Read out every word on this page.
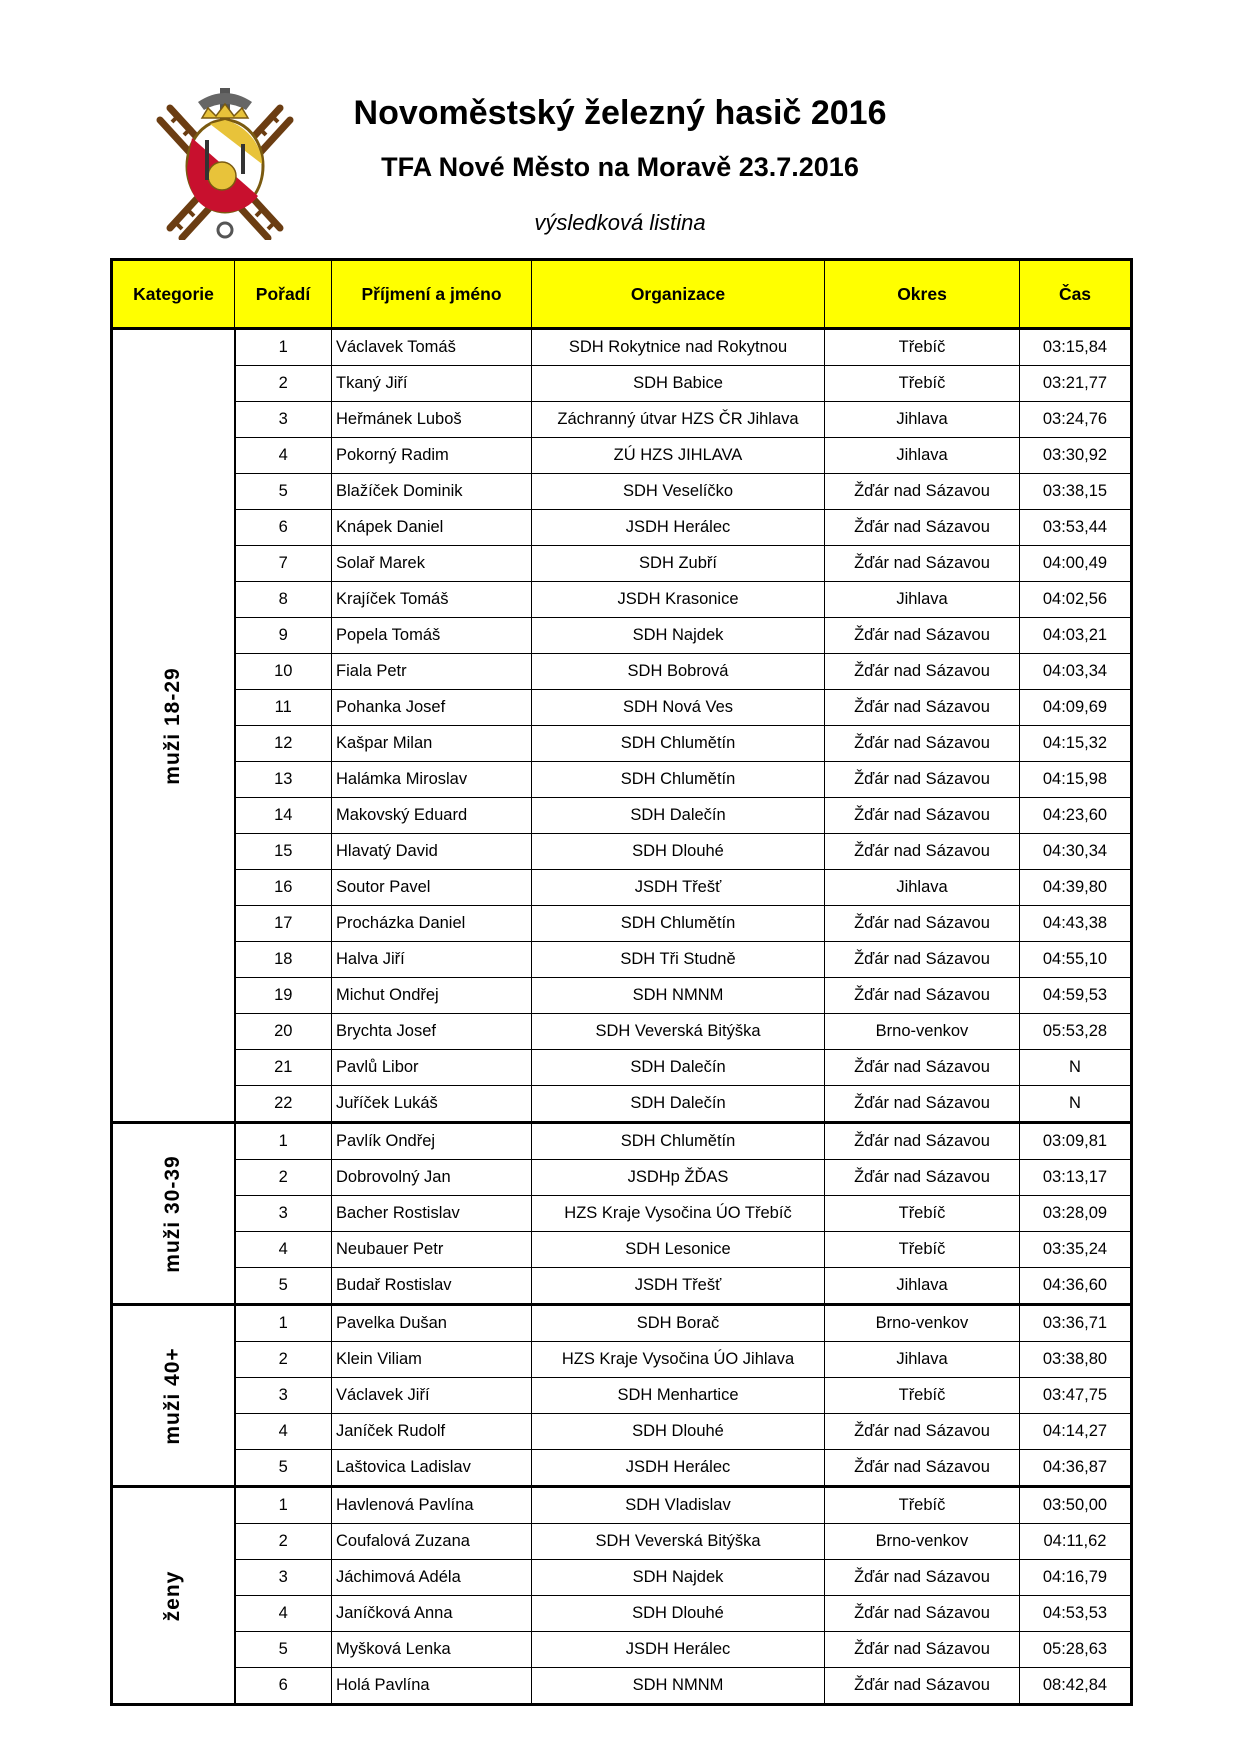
Novoměstský železný hasič 2016
TFA Nové Město na Moravě 23.7.2016
výsledková listina
Kategorie	Pořadí	Příjmení a jméno	Organizace	Okres	Čas

muži 18-29	1	Václavek Tomáš	SDH Rokytnice nad Rokytnou	Třebíč	03:15,84
	2	Tkaný Jiří	SDH Babice	Třebíč	03:21,77
	3	Heřmánek Luboš	Záchranný útvar HZS ČR Jihlava	Jihlava	03:24,76
	4	Pokorný Radim	ZÚ HZS JIHLAVA	Jihlava	03:30,92
	5	Blažíček Dominik	SDH Veselíčko	Žďár nad Sázavou	03:38,15
	6	Knápek Daniel	JSDH Herálec	Žďár nad Sázavou	03:53,44
	7	Solař Marek	SDH Zubří	Žďár nad Sázavou	04:00,49
	8	Krajíček Tomáš	JSDH Krasonice	Jihlava	04:02,56
	9	Popela Tomáš	SDH Najdek	Žďár nad Sázavou	04:03,21
	10	Fiala Petr	SDH Bobrová	Žďár nad Sázavou	04:03,34
	11	Pohanka Josef	SDH Nová Ves	Žďár nad Sázavou	04:09,69
	12	Kašpar Milan	SDH Chlumětín	Žďár nad Sázavou	04:15,32
	13	Halámka Miroslav	SDH Chlumětín	Žďár nad Sázavou	04:15,98
	14	Makovský Eduard	SDH Dalečín	Žďár nad Sázavou	04:23,60
	15	Hlavatý David	SDH Dlouhé	Žďár nad Sázavou	04:30,34
	16	Soutor Pavel	JSDH Třešť	Jihlava	04:39,80
	17	Procházka Daniel	SDH Chlumětín	Žďár nad Sázavou	04:43,38
	18	Halva Jiří	SDH Tři Studně	Žďár nad Sázavou	04:55,10
	19	Michut Ondřej	SDH NMNM	Žďár nad Sázavou	04:59,53
	20	Brychta Josef	SDH Veverská Bitýška	Brno-venkov	05:53,28
	21	Pavlů Libor	SDH Dalečín	Žďár nad Sázavou	N
	22	Juříček Lukáš	SDH Dalečín	Žďár nad Sázavou	N

muži 30-39	1	Pavlík Ondřej	SDH Chlumětín	Žďár nad Sázavou	03:09,81
	2	Dobrovolný Jan	JSDHp ŽĎAS	Žďár nad Sázavou	03:13,17
	3	Bacher Rostislav	HZS Kraje Vysočina ÚO Třebíč	Třebíč	03:28,09
	4	Neubauer Petr	SDH Lesonice	Třebíč	03:35,24
	5	Budař Rostislav	JSDH Třešť	Jihlava	04:36,60

muži 40+	1	Pavelka Dušan	SDH Borač	Brno-venkov	03:36,71
	2	Klein Viliam	HZS Kraje Vysočina ÚO Jihlava	Jihlava	03:38,80
	3	Václavek Jiří	SDH Menhartice	Třebíč	03:47,75
	4	Janíček Rudolf	SDH Dlouhé	Žďár nad Sázavou	04:14,27
	5	Laštovica Ladislav	JSDH Herálec	Žďár nad Sázavou	04:36,87

ženy	1	Havlenová Pavlína	SDH Vladislav	Třebíč	03:50,00
	2	Coufalová Zuzana	SDH Veverská Bitýška	Brno-venkov	04:11,62
	3	Jáchimová Adéla	SDH Najdek	Žďár nad Sázavou	04:16,79
	4	Janíčková Anna	SDH Dlouhé	Žďár nad Sázavou	04:53,53
	5	Myšková Lenka	JSDH Herálec	Žďár nad Sázavou	05:28,63
	6	Holá Pavlína	SDH NMNM	Žďár nad Sázavou	08:42,84
